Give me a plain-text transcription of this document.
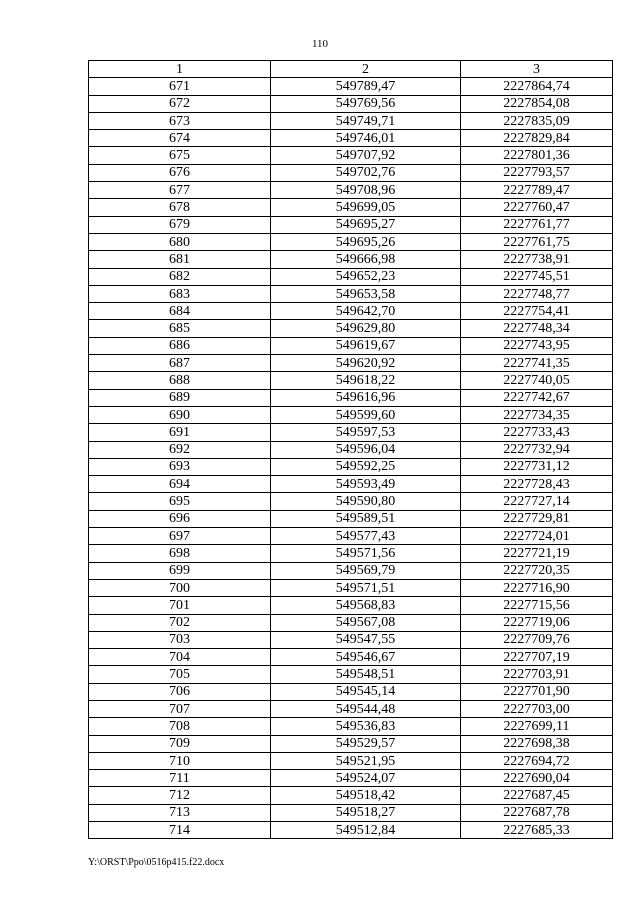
110
1	2	3
671	549789,47	2227864,74
672	549769,56	2227854,08
673	549749,71	2227835,09
674	549746,01	2227829,84
675	549707,92	2227801,36
676	549702,76	2227793,57
677	549708,96	2227789,47
678	549699,05	2227760,47
679	549695,27	2227761,77
680	549695,26	2227761,75
681	549666,98	2227738,91
682	549652,23	2227745,51
683	549653,58	2227748,77
684	549642,70	2227754,41
685	549629,80	2227748,34
686	549619,67	2227743,95
687	549620,92	2227741,35
688	549618,22	2227740,05
689	549616,96	2227742,67
690	549599,60	2227734,35
691	549597,53	2227733,43
692	549596,04	2227732,94
693	549592,25	2227731,12
694	549593,49	2227728,43
695	549590,80	2227727,14
696	549589,51	2227729,81
697	549577,43	2227724,01
698	549571,56	2227721,19
699	549569,79	2227720,35
700	549571,51	2227716,90
701	549568,83	2227715,56
702	549567,08	2227719,06
703	549547,55	2227709,76
704	549546,67	2227707,19
705	549548,51	2227703,91
706	549545,14	2227701,90
707	549544,48	2227703,00
708	549536,83	2227699,11
709	549529,57	2227698,38
710	549521,95	2227694,72
711	549524,07	2227690,04
712	549518,42	2227687,45
713	549518,27	2227687,78
714	549512,84	2227685,33
Y:\ORST\Ppo\0516p415.f22.docx
